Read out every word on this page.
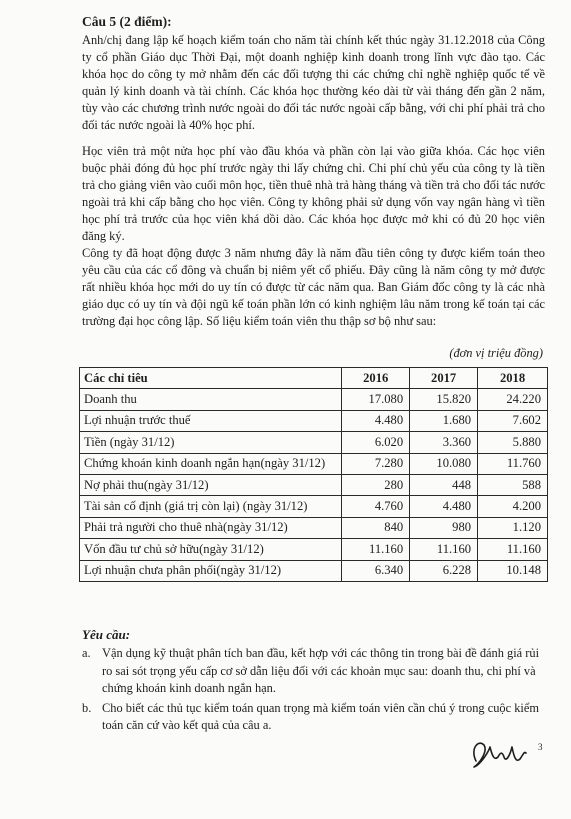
Câu 5 (2 điểm):

Anh/chị đang lập kế hoạch kiểm toán cho năm tài chính kết thúc ngày 31.12.2018 của Công ty cổ phần Giáo dục Thời Đại, một doanh nghiệp kinh doanh trong lĩnh vực đào tạo. Các khóa học do công ty mở nhằm đến các đối tượng thi các chứng chỉ nghề nghiệp quốc tế về quản lý kinh doanh và tài chính. Các khóa học thường kéo dài từ vài tháng đến gần 2 năm, tùy vào các chương trình nước ngoài do đối tác nước ngoài cấp bằng, với chi phí phải trả cho đối tác nước ngoài là 40% học phí.

Học viên trả một nửa học phí vào đầu khóa và phần còn lại vào giữa khóa. Các học viên buộc phải đóng đủ học phí trước ngày thi lấy chứng chỉ. Chi phí chủ yếu của công ty là tiền trả cho giảng viên vào cuối môn học, tiền thuê nhà trả hàng tháng và tiền trả cho đối tác nước ngoài trả khi cấp bằng cho học viên. Công ty không phải sử dụng vốn vay ngân hàng vì tiền học phí trả trước của học viên khá dồi dào. Các khóa học được mở khi có đủ 20 học viên đăng ký.

Công ty đã hoạt động được 3 năm nhưng đây là năm đầu tiên công ty được kiểm toán theo yêu cầu của các cổ đông và chuẩn bị niêm yết cổ phiếu. Đây cũng là năm công ty mở được rất nhiều khóa học mới do uy tín có được từ các năm qua. Ban Giám đốc công ty là các nhà giáo dục có uy tín và đội ngũ kế toán phần lớn có kinh nghiệm lâu năm trong kế toán tại các trường đại học công lập. Số liệu kiểm toán viên thu thập sơ bộ như sau:

(đơn vị triệu đồng)
Các chỉ tiêu	2016	2017	2018
Doanh thu	17.080	15.820	24.220
Lợi nhuận trước thuế	4.480	1.680	7.602
Tiền (ngày 31/12)	6.020	3.360	5.880
Chứng khoán kinh doanh ngắn hạn(ngày 31/12)	7.280	10.080	11.760
Nợ phải thu(ngày 31/12)	280	448	588
Tài sản cố định (giá trị còn lại) (ngày 31/12)	4.760	4.480	4.200
Phải trả người cho thuê nhà(ngày 31/12)	840	980	1.120
Vốn đầu tư chủ sở hữu(ngày 31/12)	11.160	11.160	11.160
Lợi nhuận chưa phân phối(ngày 31/12)	6.340	6.228	10.148
Yêu cầu:
a. Vận dụng kỹ thuật phân tích ban đầu, kết hợp với các thông tin trong bài đề đánh giá rủi ro sai sót trọng yếu cấp cơ sở dẫn liệu đối với các khoản mục sau: doanh thu, chi phí và chứng khoán kinh doanh ngắn hạn.
b. Cho biết các thủ tục kiểm toán quan trọng mà kiểm toán viên cần chú ý trong cuộc kiểm toán căn cứ vào kết quả của câu a.
3
